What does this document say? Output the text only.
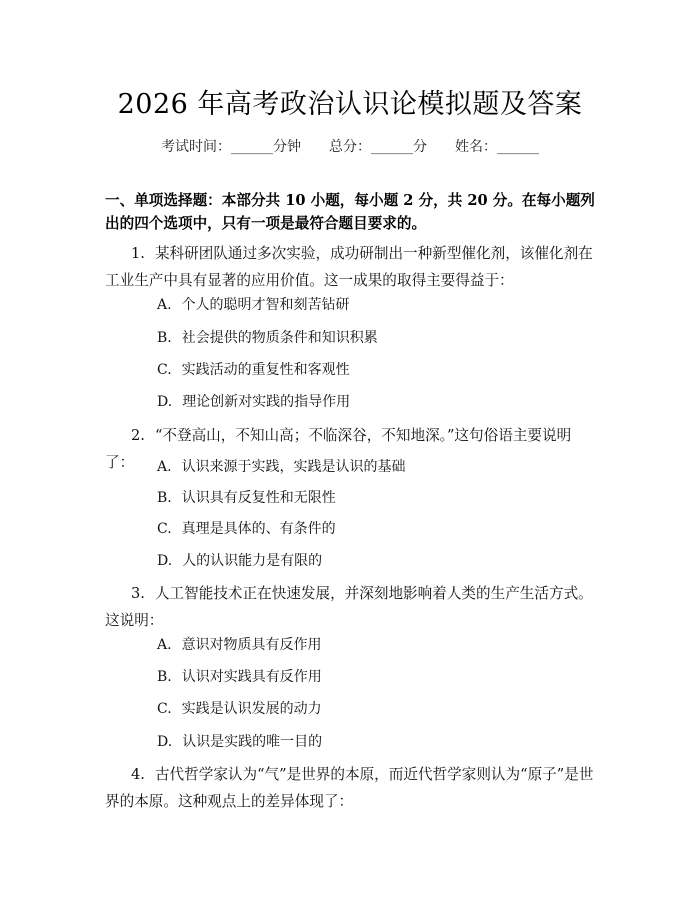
2026 年高考政治认识论模拟题及答案
考试时间：______分钟 总分：______分 姓名：______
一、单项选择题：本部分共 10 小题，每小题 2 分，共 20 分。在每小题列出的四个选项中，只有一项是最符合题目要求的。
1. 某科研团队通过多次实验，成功研制出一种新型催化剂，该催化剂在工业生产中具有显著的应用价值。这一成果的取得主要得益于：
A. 个人的聪明才智和刻苦钻研
B. 社会提供的物质条件和知识积累
C. 实践活动的重复性和客观性
D. 理论创新对实践的指导作用
2. “不登高山，不知山高；不临深谷，不知地深。”这句俗语主要说明了：	A. 认识来源于实践，实践是认识的基础
B. 认识具有反复性和无限性
C. 真理是具体的、有条件的
D. 人的认识能力是有限的
3. 人工智能技术正在快速发展，并深刻地影响着人类的生产生活方式。这说明：
A. 意识对物质具有反作用
B. 认识对实践具有反作用
C. 实践是认识发展的动力
D. 认识是实践的唯一目的
4. 古代哲学家认为“气”是世界的本原，而近代哲学家则认为“原子”是世界的本原。这种观点上的差异体现了：
